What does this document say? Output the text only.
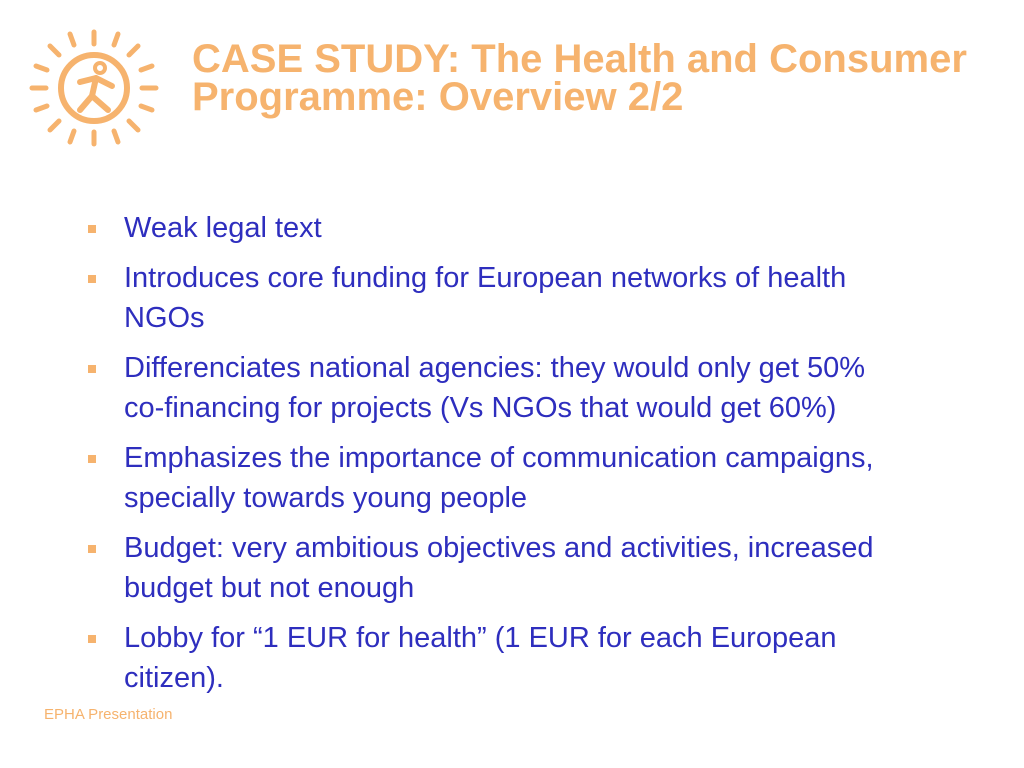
CASE STUDY: The Health and Consumer Programme: Overview 2/2
Weak legal text
Introduces core funding for European networks of health NGOs
Differenciates national agencies: they would only get 50% co-financing for projects (Vs NGOs that would get 60%)
Emphasizes the importance of communication campaigns, specially towards young people
Budget: very ambitious objectives and activities, increased budget but not enough
Lobby for “1 EUR for health” (1 EUR for each European citizen).
EPHA Presentation
